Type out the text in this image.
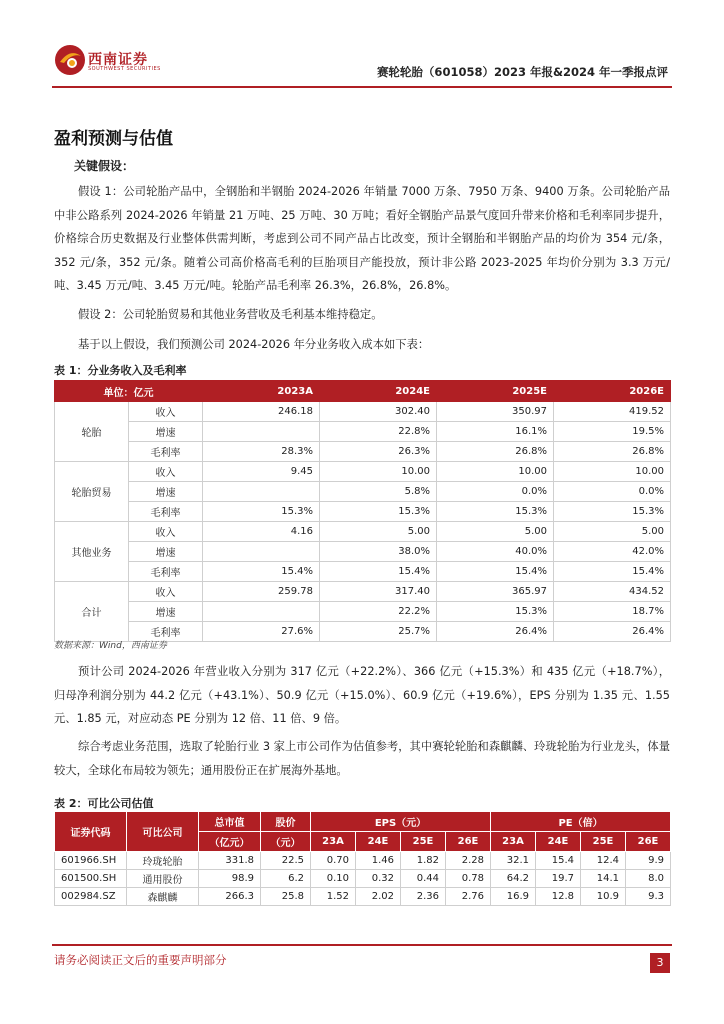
西南证券
SOUTHWEST SECURITIES	赛轮轮胎（601058）2023 年报&2024 年一季报点评
盈利预测与估值
关键假设：

假设 1：公司轮胎产品中，全钢胎和半钢胎 2024-2026 年销量 7000 万条、7950 万条、9400 万条。公司轮胎产品中非公路系列 2024-2026 年销量 21 万吨、25 万吨、30 万吨；看好全钢胎产品景气度回升带来价格和毛利率同步提升，价格综合历史数据及行业整体供需判断，考虑到公司不同产品占比改变，预计全钢胎和半钢胎产品的均价为 354 元/条，352 元/条，352 元/条。随着公司高价格高毛利的巨胎项目产能投放，预计非公路 2023-2025 年均价分别为 3.3 万元/吨、3.45 万元/吨、3.45 万元/吨。轮胎产品毛利率 26.3%，26.8%，26.8%。

假设 2：公司轮胎贸易和其他业务营收及毛利基本维持稳定。

基于以上假设，我们预测公司 2024-2026 年分业务收入成本如下表：

表 1：分业务收入及毛利率
单位：亿元		2023A	2024E	2025E	2026E
轮胎	收入	246.18	302.40	350.97	419.52
	增速		22.8%	16.1%	19.5%
	毛利率	28.3%	26.3%	26.8%	26.8%
轮胎贸易	收入	9.45	10.00	10.00	10.00
	增速		5.8%	0.0%	0.0%
	毛利率	15.3%	15.3%	15.3%	15.3%
其他业务	收入	4.16	5.00	5.00	5.00
	增速		38.0%	40.0%	42.0%
	毛利率	15.4%	15.4%	15.4%	15.4%
合计	收入	259.78	317.40	365.97	434.52
	增速		22.2%	15.3%	18.7%
	毛利率	27.6%	25.7%	26.4%	26.4%
数据来源：Wind，西南证券

预计公司 2024-2026 年营业收入分别为 317 亿元（+22.2%）、366 亿元（+15.3%）和 435 亿元（+18.7%），归母净利润分别为 44.2 亿元（+43.1%）、50.9 亿元（+15.0%）、60.9 亿元（+19.6%），EPS 分别为 1.35 元、1.55 元、1.85 元，对应动态 PE 分别为 12 倍、11 倍、9 倍。

综合考虑业务范围，选取了轮胎行业 3 家上市公司作为估值参考，其中赛轮轮胎和森麒麟、玲珑轮胎为行业龙头，体量较大，全球化布局较为领先；通用股份正在扩展海外基地。

表 2：可比公司估值
证券代码	可比公司	总市值	股价	EPS（元）				PE（倍）			
		（亿元）	（元）	23A	24E	25E	26E	23A	24E	25E	26E
601966.SH	玲珑轮胎	331.8	22.5	0.70	1.46	1.82	2.28	32.1	15.4	12.4	9.9
601500.SH	通用股份	98.9	6.2	0.10	0.32	0.44	0.78	64.2	19.7	14.1	8.0
002984.SZ	森麒麟	266.3	25.8	1.52	2.02	2.36	2.76	16.9	12.8	10.9	9.3
请务必阅读正文后的重要声明部分	3
